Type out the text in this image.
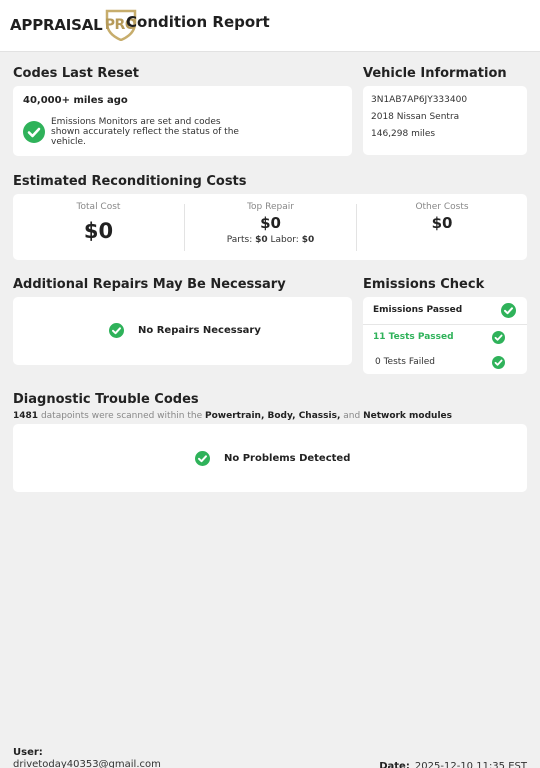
APPRAISAL PRO
Condition Report
Codes Last Reset
40,000+ miles ago
Emissions Monitors are set and codes shown accurately reflect the status of the vehicle.
Vehicle Information
3N1AB7AP6JY333400
2018 Nissan Sentra
146,298 miles
Estimated Reconditioning Costs
Total Cost
$0
Top Repair
$0
Parts: $0 Labor: $0
Other Costs
$0
Additional Repairs May Be Necessary
No Repairs Necessary
Emissions Check
Emissions Passed
11 Tests Passed
0 Tests Failed
Diagnostic Trouble Codes
1481 datapoints were scanned within the Powertrain, Body, Chassis, and Network modules
No Problems Detected
User:
drivetoday40353@gmail.com	Date: 2025-12-10 11:35 EST
